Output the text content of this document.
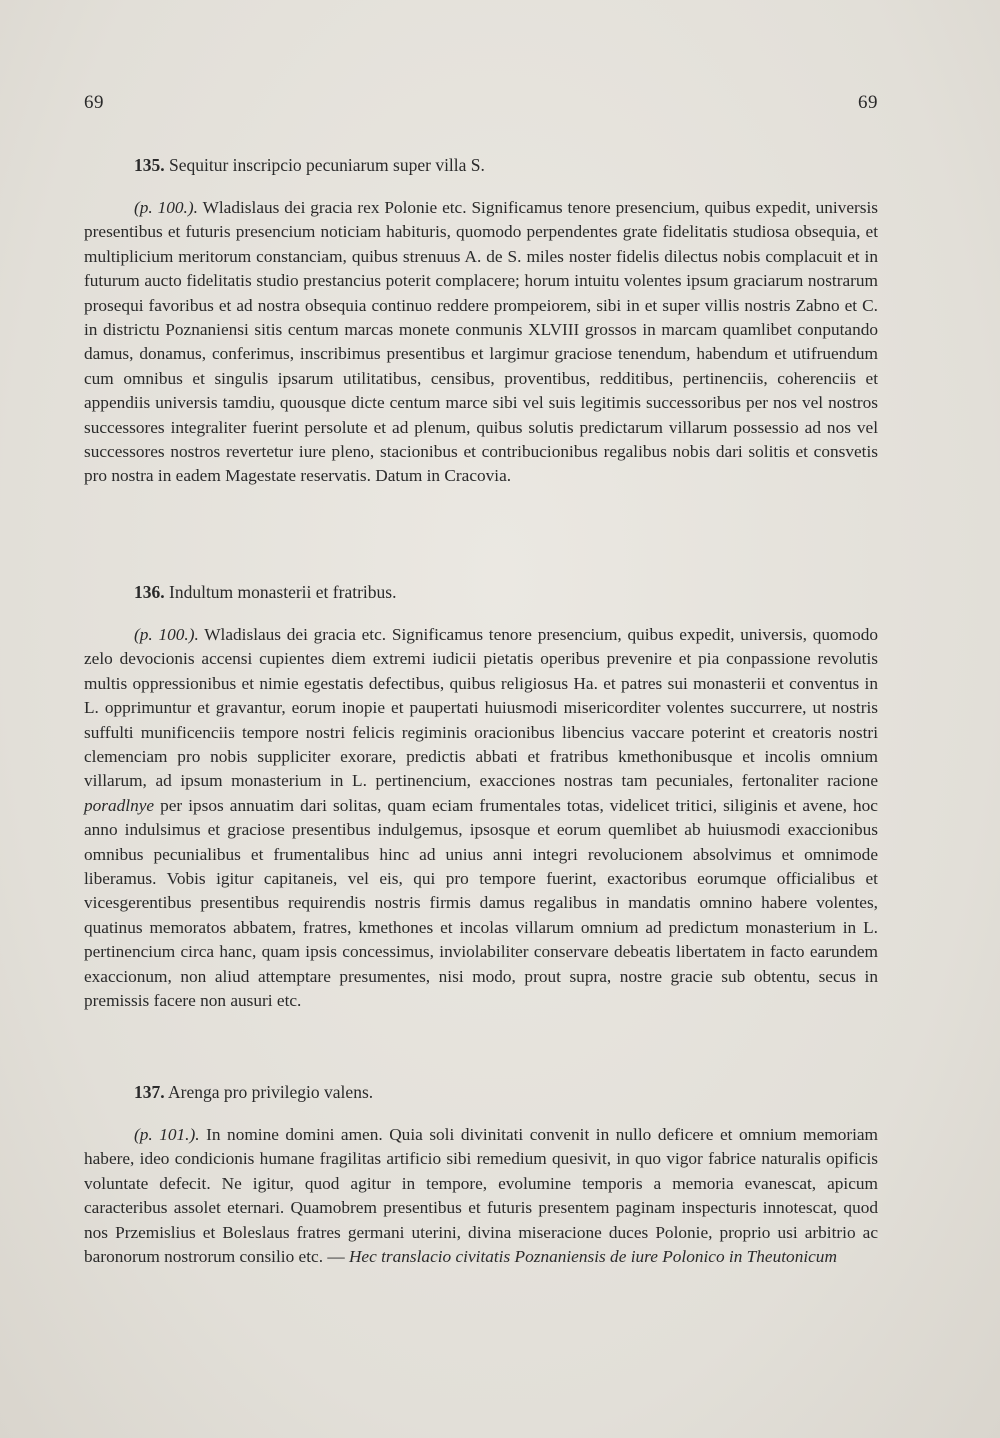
69	69
135. Sequitur inscripcio pecuniarum super villa S.

(p. 100.). Wladislaus dei gracia rex Polonie etc. Significamus tenore presencium, quibus expedit, universis presentibus et futuris presencium noticiam habituris, quomodo perpendentes grate fidelitatis studiosa obsequia, et multiplicium meritorum constanciam, quibus strenuus A. de S. miles noster fidelis dilectus nobis complacuit et in futurum aucto fidelitatis studio prestancius poterit complacere; horum intuitu volentes ipsum graciarum nostrarum prosequi favoribus et ad nostra obsequia continuo reddere prompeiorem, sibi in et super villis nostris Zabno et C. in districtu Poznaniensi sitis centum marcas monete conmunis XLVIII grossos in marcam quamlibet conputando damus, donamus, conferimus, inscribimus presentibus et largimur graciose tenendum, habendum et utifruendum cum omnibus et singulis ipsarum utilitatibus, censibus, proventibus, redditibus, pertinenciis, coherenciis et appendiis universis tamdiu, quousque dicte centum marce sibi vel suis legitimis successoribus per nos vel nostros successores integraliter fuerint persolute et ad plenum, quibus solutis predictarum villarum possessio ad nos vel successores nostros revertetur iure pleno, stacionibus et contribucionibus regalibus nobis dari solitis et consvetis pro nostra in eadem Magestate reservatis. Datum in Cracovia.

136. Indultum monasterii et fratribus.

(p. 100.). Wladislaus dei gracia etc. Significamus tenore presencium, quibus expedit, universis, quomodo zelo devocionis accensi cupientes diem extremi iudicii pietatis operibus prevenire et pia conpassione revolutis multis oppressionibus et nimie egestatis defectibus, quibus religiosus Ha. et patres sui monasterii et conventus in L. opprimuntur et gravantur, eorum inopie et paupertati huiusmodi misericorditer volentes succurrere, ut nostris suffulti munificenciis tempore nostri felicis regiminis oracionibus libencius vaccare poterint et creatoris nostri clemenciam pro nobis suppliciter exorare, predictis abbati et fratribus kmethonibusque et incolis omnium villarum, ad ipsum monasterium in L. pertinencium, exacciones nostras tam pecuniales, fertonaliter racione poradlnye per ipsos annuatim dari solitas, quam eciam frumentales totas, videlicet tritici, siliginis et avene, hoc anno indulsimus et graciose presentibus indulgemus, ipsosque et eorum quemlibet ab huiusmodi exaccionibus omnibus pecunialibus et frumentalibus hinc ad unius anni integri revolucionem absolvimus et omnimode liberamus. Vobis igitur capitaneis, vel eis, qui pro tempore fuerint, exactoribus eorumque officialibus et vicesgerentibus presentibus requirendis nostris firmis damus regalibus in mandatis omnino habere volentes, quatinus memoratos abbatem, fratres, kmethones et incolas villarum omnium ad predictum monasterium in L. pertinencium circa hanc, quam ipsis concessimus, inviolabiliter conservare debeatis libertatem in facto earundem exaccionum, non aliud attemptare presumentes, nisi modo, prout supra, nostre gracie sub obtentu, secus in premissis facere non ausuri etc.

137. Arenga pro privilegio valens.

(p. 101.). In nomine domini amen. Quia soli divinitati convenit in nullo deficere et omnium memoriam habere, ideo condicionis humane fragilitas artificio sibi remedium quesivit, in quo vigor fabrice naturalis opificis voluntate defecit. Ne igitur, quod agitur in tempore, evolumine temporis a memoria evanescat, apicum caracteribus assolet eternari. Quamobrem presentibus et futuris presentem paginam inspecturis innotescat, quod nos Przemislius et Boleslaus fratres germani uterini, divina miseracione duces Polonie, proprio usi arbitrio ac baronorum nostrorum consilio etc. — Hec translacio civitatis Poznaniensis de iure Polonico in Theutonicum
